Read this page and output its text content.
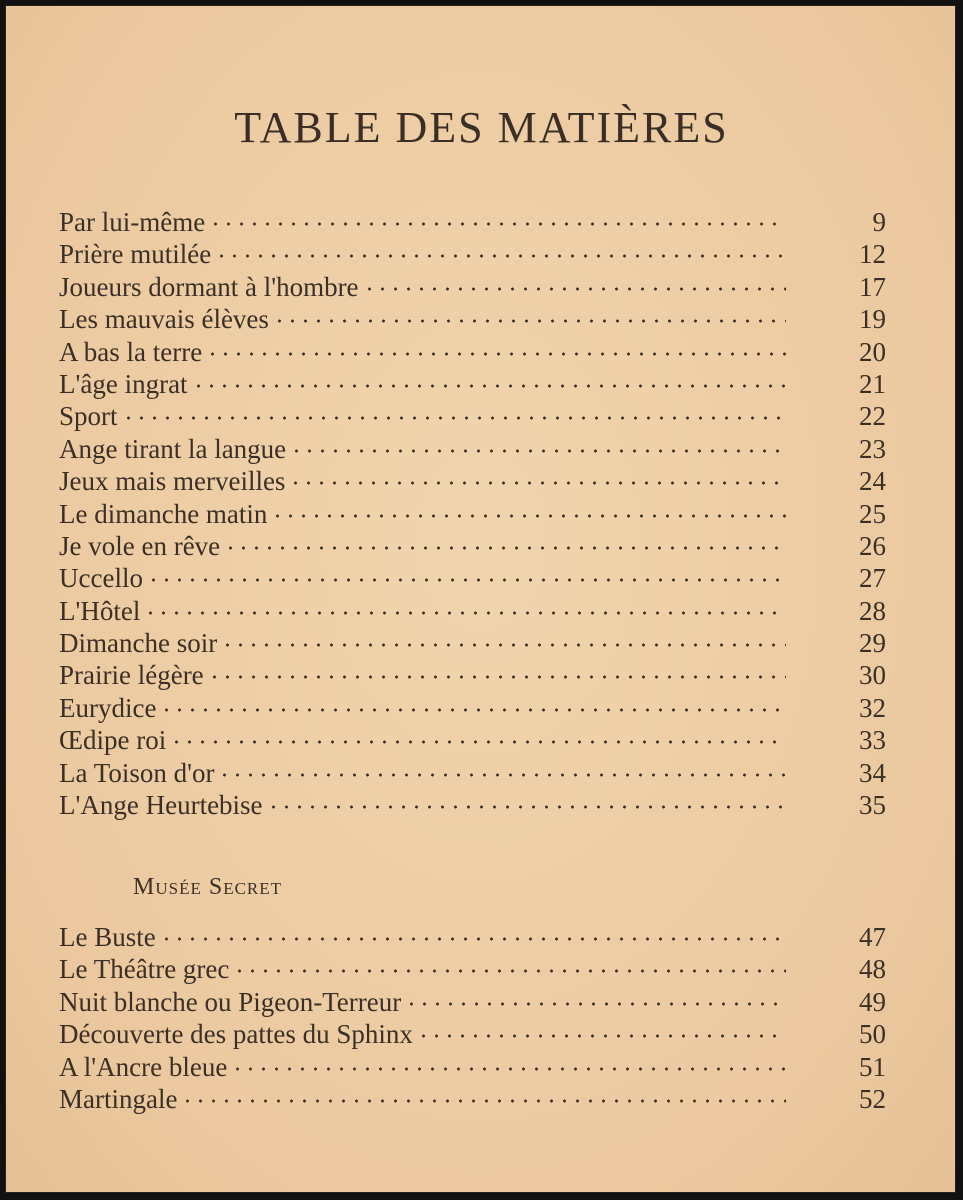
TABLE DES MATIÈRES
Par lui-même	9
Prière mutilée	12
Joueurs dormant à l'hombre	17
Les mauvais élèves	19
A bas la terre	20
L'âge ingrat	21
Sport	22
Ange tirant la langue	23
Jeux mais merveilles	24
Le dimanche matin	25
Je vole en rêve	26
Uccello	27
L'Hôtel	28
Dimanche soir	29
Prairie légère	30
Eurydice	32
Œdipe roi	33
La Toison d'or	34
L'Ange Heurtebise	35
Musée Secret
Le Buste	47
Le Théâtre grec	48
Nuit blanche ou Pigeon-Terreur	49
Découverte des pattes du Sphinx	50
A l'Ancre bleue	51
Martingale	52
